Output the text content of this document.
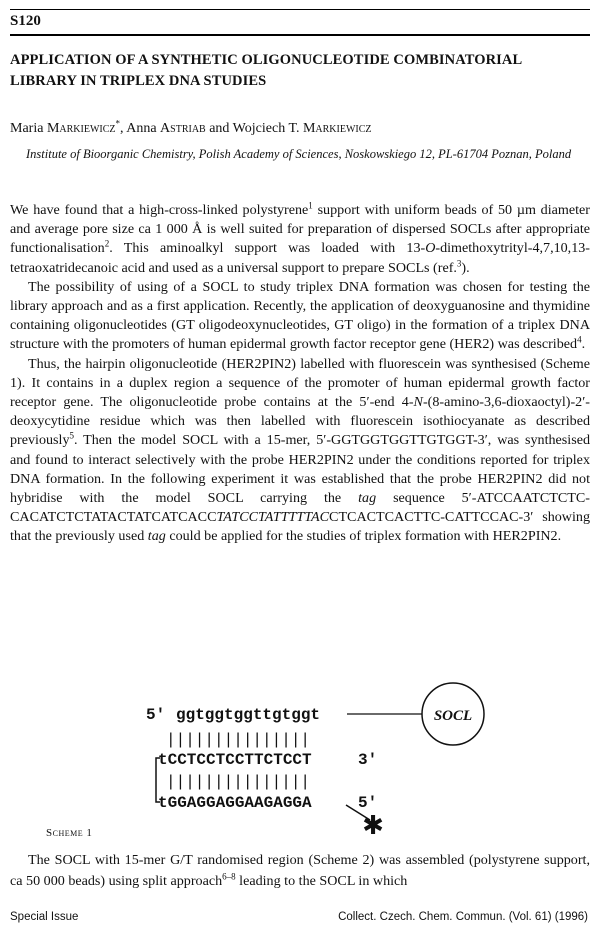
S120
APPLICATION OF A SYNTHETIC OLIGONUCLEOTIDE COMBINATORIAL LIBRARY IN TRIPLEX DNA STUDIES
Maria Markiewicz*, Anna Astriab and Wojciech T. Markiewicz
Institute of Bioorganic Chemistry, Polish Academy of Sciences, Noskowskiego 12, PL-61704 Poznan, Poland

We have found that a high-cross-linked polystyrene$^1$ support with uniform beads of 50 µm diameter and average pore size ca 1 000 Å is well suited for preparation of dispersed SOCLs after appropriate functionalisation$^2$. This aminoalkyl support was loaded with 13-O-dimethoxytrityl-4,7,10,13-tetraoxatridecanoic acid and used as a universal support to prepare SOCLs (ref.$^3$).

The possibility of using of a SOCL to study triplex DNA formation was chosen for testing the library approach and as a first application. Recently, the application of deoxyguanosine and thymidine containing oligonucleotides (GT oligodeoxynucleotides, GT oligo) in the formation of a triplex DNA structure with the promoters of human epidermal growth factor receptor gene (HER2) was described$^4$.

Thus, the hairpin oligonucleotide (HER2PIN2) labelled with fluorescein was synthesised (Scheme 1). It contains in a duplex region a sequence of the promoter of human epidermal growth factor receptor gene. The oligonucleotide probe contains at the 5′-end 4-N-(8-amino-3,6-dioxaoctyl)-2′-deoxycytidine residue which was then labelled with fluorescein isothiocyanate as described previously$^5$. Then the model SOCL with a 15-mer, 5′-GGTGGTGGTTGTGGT-3′, was synthesised and found to interact selectively with the probe HER2PIN2 under the conditions reported for triplex DNA formation. In the following experiment it was established that the probe HER2PIN2 did not hybridise with the model SOCL carrying the tag sequence 5′-ATCCAATCTCTC-CACATCTCTATACTATCATCACCTATCCTATTTTTACCTCACTCACTTC-CATTCCAC-3′ showing that the previously used tag could be applied for the studies of triplex formation with HER2PIN2.

5' ggtggtggttgtggt
|||||||||||||||
tCCTCCTCCTTCTCCT	3'
|||||||||||||||
tGGAGGAGGAAGAGGA	5'
SOCL
✱
Scheme 1

The SOCL with 15-mer G/T randomised region (Scheme 2) was assembled (polystyrene support, ca 50 000 beads) using split approach$^{6-8}$ leading to the SOCL in which

Special Issue	Collect. Czech. Chem. Commun. (Vol. 61) (1996)
